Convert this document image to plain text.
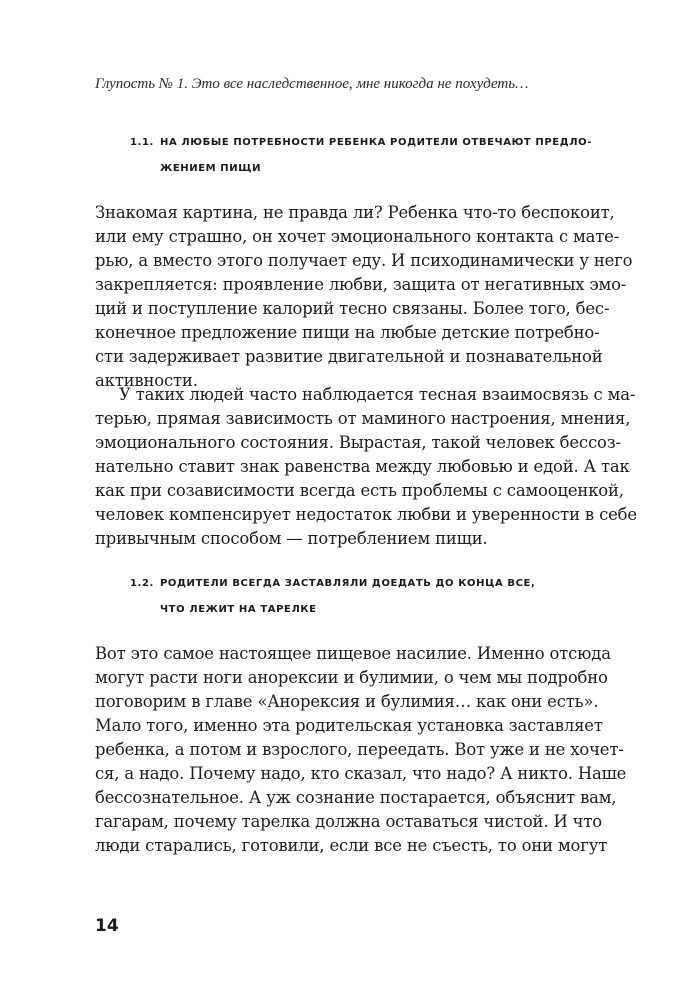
Глупость № 1. Это все наследственное, мне никогда не похудеть…
1.1. НА ЛЮБЫЕ ПОТРЕБНОСТИ РЕБЕНКА РОДИТЕЛИ ОТВЕЧАЮТ ПРЕДЛО-
ЖЕНИЕМ ПИЩИ
Знакомая картина, не правда ли? Ребенка что-то беспокоит,
или ему страшно, он хочет эмоционального контакта с мате-
рью, а вместо этого получает еду. И психодинамически у него
закрепляется: проявление любви, защита от негативных эмо-
ций и поступление калорий тесно связаны. Более того, бес-
конечное предложение пищи на любые детские потребно-
сти задерживает развитие двигательной и познавательной
активности.
У таких людей часто наблюдается тесная взаимосвязь с ма-
терью, прямая зависимость от маминого настроения, мнения,
эмоционального состояния. Вырастая, такой человек бессоз-
нательно ставит знак равенства между любовью и едой. А так
как при созависимости всегда есть проблемы с самооценкой,
человек компенсирует недостаток любви и уверенности в себе
привычным способом — потреблением пищи.
1.2. РОДИТЕЛИ ВСЕГДА ЗАСТАВЛЯЛИ ДОЕДАТЬ ДО КОНЦА ВСЕ,
ЧТО ЛЕЖИТ НА ТАРЕЛКЕ
Вот это самое настоящее пищевое насилие. Именно отсюда
могут расти ноги анорексии и булимии, о чем мы подробно
поговорим в главе «Анорексия и булимия… как они есть».
Мало того, именно эта родительская установка заставляет
ребенка, а потом и взрослого, переедать. Вот уже и не хочет-
ся, а надо. Почему надо, кто сказал, что надо? А никто. Наше
бессознательное. А уж сознание постарается, объяснит вам,
гагарам, почему тарелка должна оставаться чистой. И что
люди старались, готовили, если все не съесть, то они могут
14
